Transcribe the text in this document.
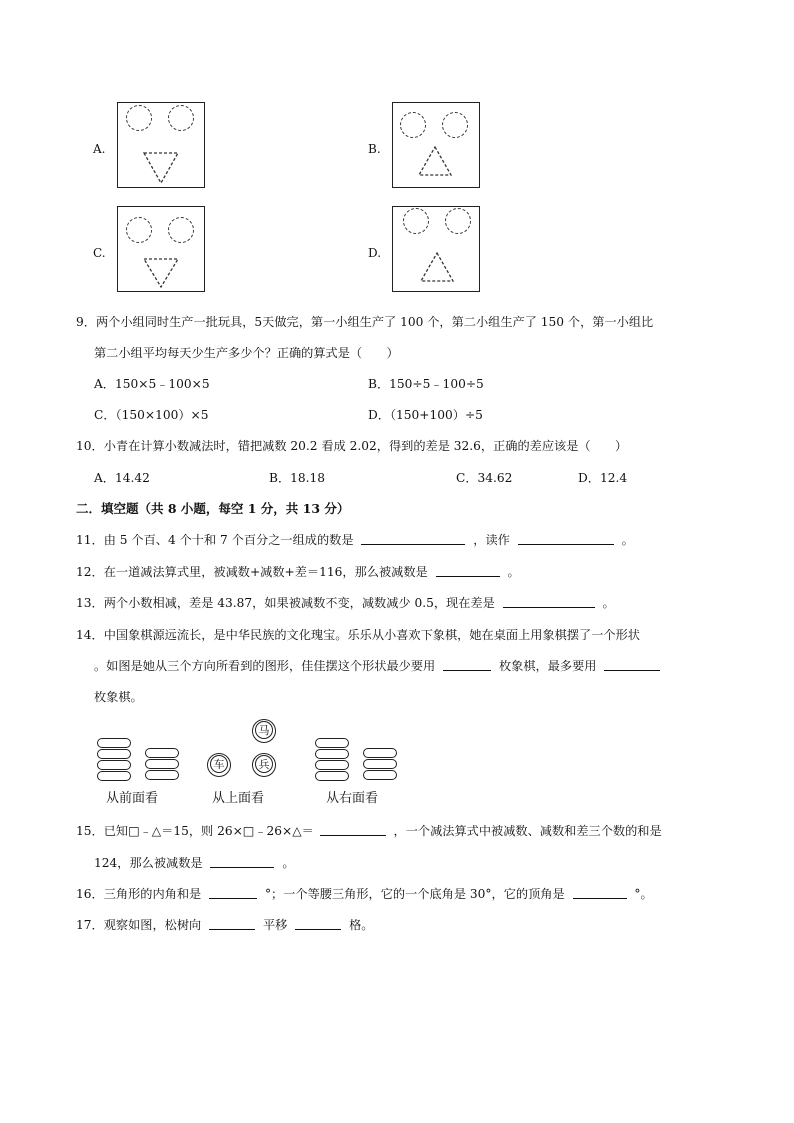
A.	B.
C.	D.
9．两个小组同时生产一批玩具，5天做完，第一小组生产了 100 个，第二小组生产了 150 个，第一小组比
第二小组平均每天少生产多少个？正确的算式是（　　）
A．150×5﹣100×5	B．150÷5﹣100÷5
C．（150×100）×5	D．（150+100）÷5
10．小青在计算小数减法时，错把减数 20.2 看成 2.02，得到的差是 32.6，正确的差应该是（　　）
A．14.42	B．18.18	C．34.62	D．12.4
二．填空题（共 8 小题，每空 1 分，共 13 分）
11．由 5 个百、4 个十和 7 个百分之一组成的数是	，读作	。
12．在一道减法算式里，被减数+减数+差＝116，那么被减数是	。
13．两个小数相减，差是 43.87，如果被减数不变，减数减少 0.5，现在差是	。
14．中国象棋源远流长，是中华民族的文化瑰宝。乐乐从小喜欢下象棋，她在桌面上用象棋摆了一个形状
。如图是她从三个方向所看到的图形，佳佳摆这个形状最少要用	枚象棋，最多要用
枚象棋。
从前面看
马
车	兵
从上面看	从右面看
15．已知□﹣△＝15，则 26×□﹣26×△＝	，一个减法算式中被减数、减数和差三个数的和是
124，那么被减数是	。
16．三角形的内角和是	°；一个等腰三角形，它的一个底角是 30°，它的顶角是	°。
17．观察如图，松树向	平移	格。
